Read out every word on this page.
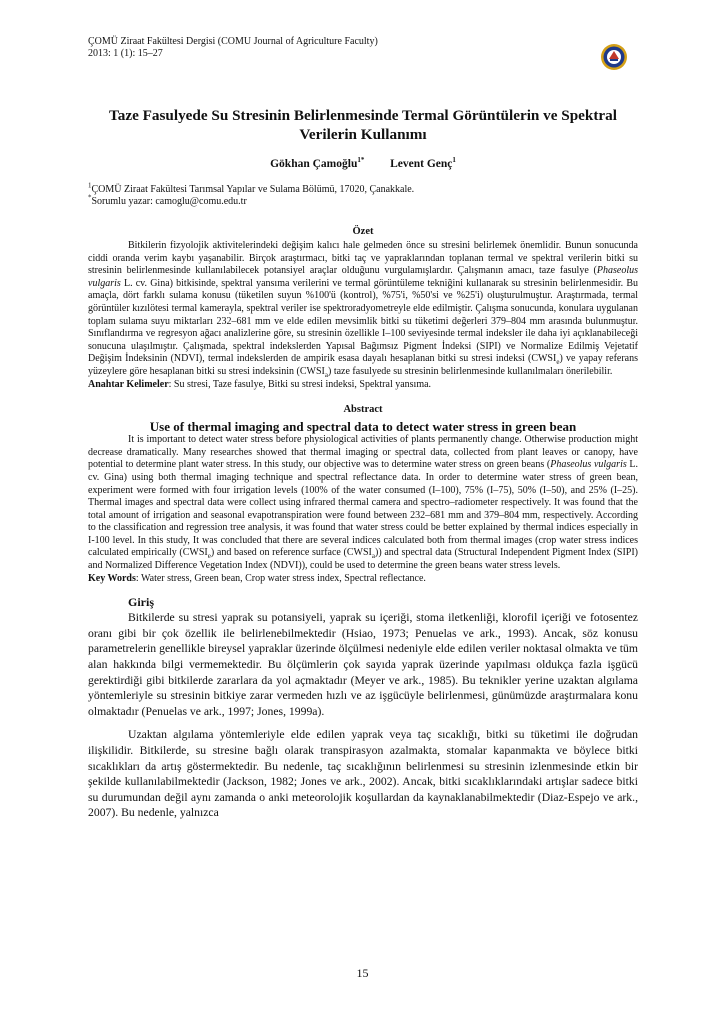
ÇOMÜ Ziraat Fakültesi Dergisi (COMU Journal of Agriculture Faculty)
2013: 1 (1): 15–27

Taze Fasulyede Su Stresinin Belirlenmesinde Termal Görüntülerin ve Spektral Verilerin Kullanımı
Gökhan Çamoğlu$^{1*}$ Levent Genç$^1$
$^1$ÇOMÜ Ziraat Fakültesi Tarımsal Yapılar ve Sulama Bölümü, 17020, Çanakkale.
*Sorumlu yazar: camoglu@comu.edu.tr
Özet

Bitkilerin fizyolojik aktivitelerindeki değişim kalıcı hale gelmeden önce su stresini belirlemek önemlidir. Bunun sonucunda ciddi oranda verim kaybı yaşanabilir. Birçok araştırmacı, bitki taç ve yapraklarından toplanan termal ve spektral verilerin bitki su stresinin belirlenmesinde kullanılabilecek potansiyel araçlar olduğunu vurgulamışlardır. Çalışmanın amacı, taze fasulye (Phaseolus vulgaris L. cv. Gina) bitkisinde, spektral yansıma verilerini ve termal görüntüleme tekniğini kullanarak su stresinin belirlenmesidir. Bu amaçla, dört farklı sulama konusu (tüketilen suyun %100'ü (kontrol), %75'i, %50'si ve %25'i) oluşturulmuştur. Araştırmada, termal görüntüler kızılötesi termal kamerayla, spektral veriler ise spektroradyometreyle elde edilmiştir. Çalışma sonucunda, konulara uygulanan toplam sulama suyu miktarları 232–681 mm ve elde edilen mevsimlik bitki su tüketimi değerleri 379–804 mm arasında bulunmuştur. Sınıflandırma ve regresyon ağacı analizlerine göre, su stresinin özellikle I–100 seviyesinde termal indeksler ile daha iyi açıklanabileceği sonucuna ulaşılmıştır. Çalışmada, spektral indekslerden Yapısal Bağımsız Pigment İndeksi (SIPI) ve Normalize Edilmiş Vejetatif Değişim İndeksinin (NDVI), termal indekslerden de ampirik esasa dayalı hesaplanan bitki su stresi indeksi $(CWSI_e)$ ve yapay referans yüzeylere göre hesaplanan bitki su stresi indeksinin $(CWSI_a)$ taze fasulyede su stresinin belirlenmesinde kullanılmaları önerilebilir.

Anahtar Kelimeler: Su stresi, Taze fasulye, Bitki su stresi indeksi, Spektral yansıma.

Abstract
Use of thermal imaging and spectral data to detect water stress in green bean

It is important to detect water stress before physiological activities of plants permanently change. Otherwise production might decrease dramatically. Many researches showed that thermal imaging or spectral data, collected from plant leaves or canopy, have potential to determine plant water stress. In this study, our objective was to determine water stress on green beans (Phaseolus vulgaris L. cv. Gina) using both thermal imaging technique and spectral reflectance data. In order to determine water stress of green bean, experiment were formed with four irrigation levels (100% of the water consumed (I–100), 75% (I–75), 50% (I–50), and 25% (I–25). Thermal images and spectral data were collect using infrared thermal camera and spectro–radiometer respectively. It was found that the total amount of irrigation and seasonal evapotranspiration were found between 232–681 mm and 379–804 mm, respectively. According to the classification and regression tree analysis, it was found that water stress could be better explained by thermal indices especially in I-100 level. In this study, It was concluded that there are several indices calculated both from thermal images (crop water stress indices calculated empirically $(CWSI_e)$ and based on reference surface $(CWSI_a)$) and spectral data (Structural Independent Pigment Index (SIPI) and Normalized Difference Vegetation Index (NDVI)), could be used to determine the green beans water stress levels.

Key Words: Water stress, Green bean, Crop water stress index, Spectral reflectance.

Giriş

Bitkilerde su stresi yaprak su potansiyeli, yaprak su içeriği, stoma iletkenliği, klorofil içeriği ve fotosentez oranı gibi bir çok özellik ile belirlenebilmektedir (Hsiao, 1973; Penuelas ve ark., 1993). Ancak, söz konusu parametrelerin genellikle bireysel yapraklar üzerinde ölçülmesi nedeniyle elde edilen veriler noktasal olmakta ve tüm alan hakkında bilgi vermemektedir. Bu ölçümlerin çok sayıda yaprak üzerinde yapılması oldukça fazla işgücü gerektirdiği gibi bitkilerde zararlara da yol açmaktadır (Meyer ve ark., 1985). Bu teknikler yerine uzaktan algılama yöntemleriyle su stresinin bitkiye zarar vermeden hızlı ve az işgücüyle belirlenmesi, günümüzde araştırmalara konu olmaktadır (Penuelas ve ark., 1997; Jones, 1999a).

Uzaktan algılama yöntemleriyle elde edilen yaprak veya taç sıcaklığı, bitki su tüketimi ile doğrudan ilişkilidir. Bitkilerde, su stresine bağlı olarak transpirasyon azalmakta, stomalar kapanmakta ve böylece bitki sıcaklıkları da artış göstermektedir. Bu nedenle, taç sıcaklığının belirlenmesi su stresinin izlenmesinde etkin bir şekilde kullanılabilmektedir (Jackson, 1982; Jones ve ark., 2002). Ancak, bitki sıcaklıklarındaki artışlar sadece bitki su durumundan değil aynı zamanda o anki meteorolojik koşullardan da kaynaklanabilmektedir (Diaz-Espejo ve ark., 2007). Bu nedenle, yalnızca

15
